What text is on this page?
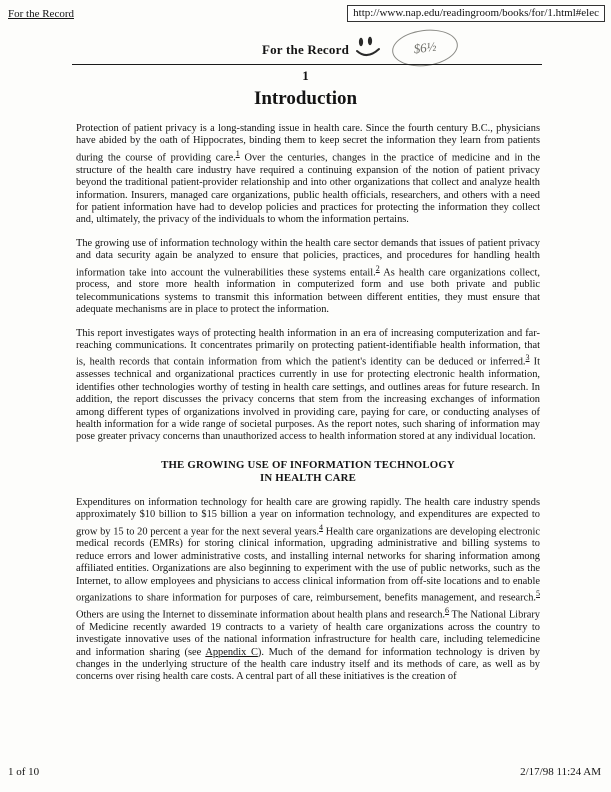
For the Record	http://www.nap.edu/readingroom/books/for/1.html#elec
For the Record	$6½
1
Introduction

Protection of patient privacy is a long-standing issue in health care. Since the fourth century B.C., physicians have abided by the oath of Hippocrates, binding them to keep secret the information they learn from patients during the course of providing care.$^1$ Over the centuries, changes in the practice of medicine and in the structure of the health care industry have required a continuing expansion of the notion of patient privacy beyond the traditional patient-provider relationship and into other organizations that collect and analyze health information. Insurers, managed care organizations, public health officials, researchers, and others with a need for patient information have had to develop policies and practices for protecting the information they collect and, ultimately, the privacy of the individuals to whom the information pertains.

The growing use of information technology within the health care sector demands that issues of patient privacy and data security again be analyzed to ensure that policies, practices, and procedures for handling health information take into account the vulnerabilities these systems entail.$^2$ As health care organizations collect, process, and store more health information in computerized form and use both private and public telecommunications systems to transmit this information between different entities, they must ensure that adequate mechanisms are in place to protect the information.

This report investigates ways of protecting health information in an era of increasing computerization and far-reaching communications. It concentrates primarily on protecting patient-identifiable health information, that is, health records that contain information from which the patient's identity can be deduced or inferred.$^3$ It assesses technical and organizational practices currently in use for protecting electronic health information, identifies other technologies worthy of testing in health care settings, and outlines areas for future research. In addition, the report discusses the privacy concerns that stem from the increasing exchanges of information among different types of organizations involved in providing care, paying for care, or conducting analyses of health information for a wide range of societal purposes. As the report notes, such sharing of information may pose greater privacy concerns than unauthorized access to health information stored at any individual location.

THE GROWING USE OF INFORMATION TECHNOLOGY
IN HEALTH CARE

Expenditures on information technology for health care are growing rapidly. The health care industry spends approximately $10 billion to $15 billion a year on information technology, and expenditures are expected to grow by 15 to 20 percent a year for the next several years.$^4$ Health care organizations are developing electronic medical records (EMRs) for storing clinical information, upgrading administrative and billing systems to reduce errors and lower administrative costs, and installing internal networks for sharing information among affiliated entities. Organizations are also beginning to experiment with the use of public networks, such as the Internet, to allow employees and physicians to access clinical information from off-site locations and to enable organizations to share information for purposes of care, reimbursement, benefits management, and research.$^5$ Others are using the Internet to disseminate information about health plans and research.$^6$ The National Library of Medicine recently awarded 19 contracts to a variety of health care organizations across the country to investigate innovative uses of the national information infrastructure for health care, including telemedicine and information sharing (see Appendix C). Much of the demand for information technology is driven by changes in the underlying structure of the health care industry itself and its methods of care, as well as by concerns over rising health care costs. A central part of all these initiatives is the creation of

1 of 10	2/17/98 11:24 AM
